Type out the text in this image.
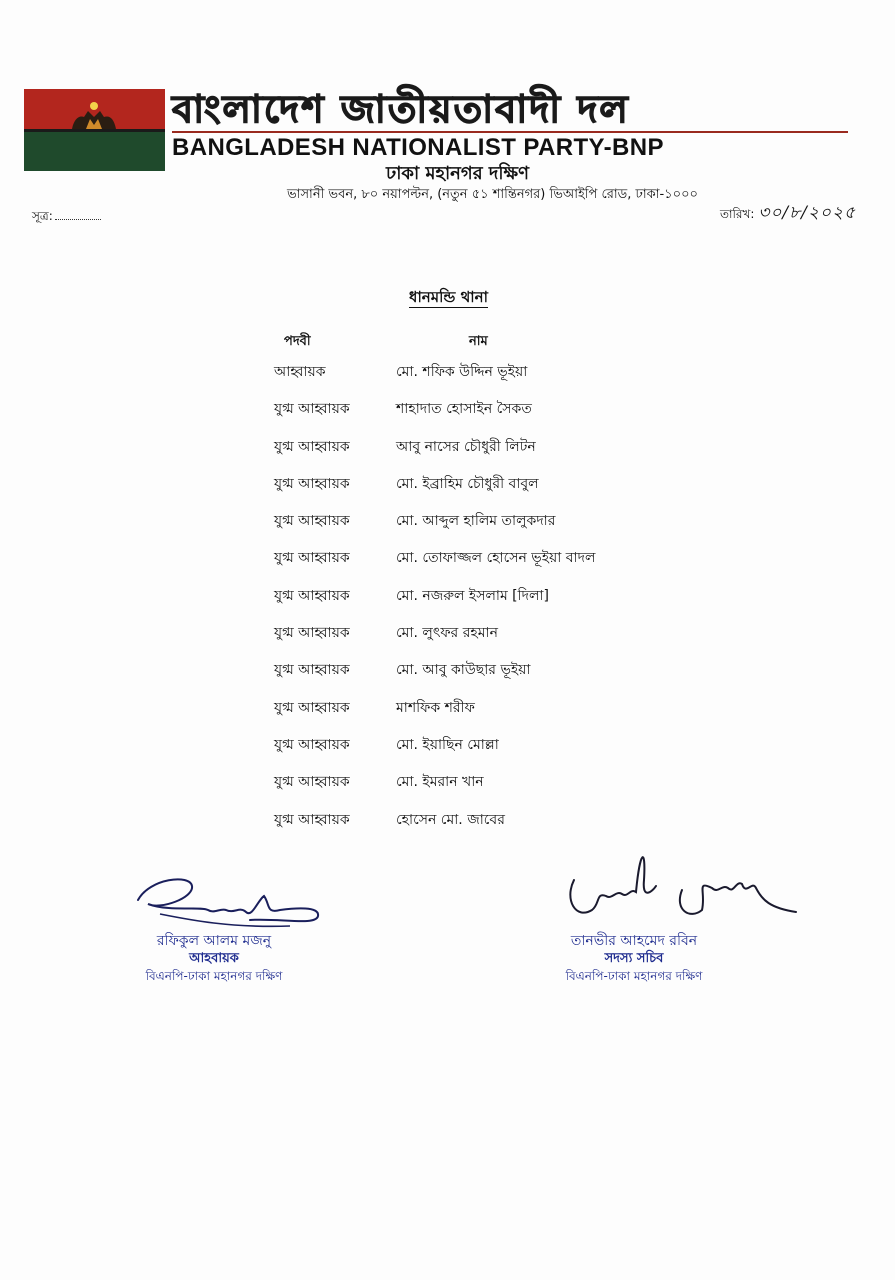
বাংলাদেশ জাতীয়তাবাদী দল
BANGLADESH NATIONALIST PARTY-BNP
ঢাকা মহানগর দক্ষিণ
ভাসানী ভবন, ৮০ নয়াপল্টন, (নতুন ৫১ শান্তিনগর) ভিআইপি রোড, ঢাকা-১০০০
সূত্র:	তারিখ: ৩০/৮/২০২৫
ধানমন্ডি থানা
পদবী	নাম
আহ্বায়ক	মো. শফিক উদ্দিন ভূইয়া
যুগ্ম আহ্বায়ক	শাহাদাত হোসাইন সৈকত
যুগ্ম আহ্বায়ক	আবু নাসের চৌধুরী লিটন
যুগ্ম আহ্বায়ক	মো. ইব্রাহিম চৌধুরী বাবুল
যুগ্ম আহ্বায়ক	মো. আব্দুল হালিম তালুকদার
যুগ্ম আহ্বায়ক	মো. তোফাজ্জল হোসেন ভূইয়া বাদল
যুগ্ম আহ্বায়ক	মো. নজরুল ইসলাম [দিলা]
যুগ্ম আহ্বায়ক	মো. লুৎফর রহমান
যুগ্ম আহ্বায়ক	মো. আবু কাউছার ভূইয়া
যুগ্ম আহ্বায়ক	মাশফিক শরীফ
যুগ্ম আহ্বায়ক	মো. ইয়াছিন মোল্লা
যুগ্ম আহ্বায়ক	মো. ইমরান খান
যুগ্ম আহ্বায়ক	হোসেন মো. জাবের
রফিকুল আলম মজনু
আহবায়ক
বিএনপি-ঢাকা মহানগর দক্ষিণ
তানভীর আহমেদ রবিন
সদস্য সচিব
বিএনপি-ঢাকা মহানগর দক্ষিণ
